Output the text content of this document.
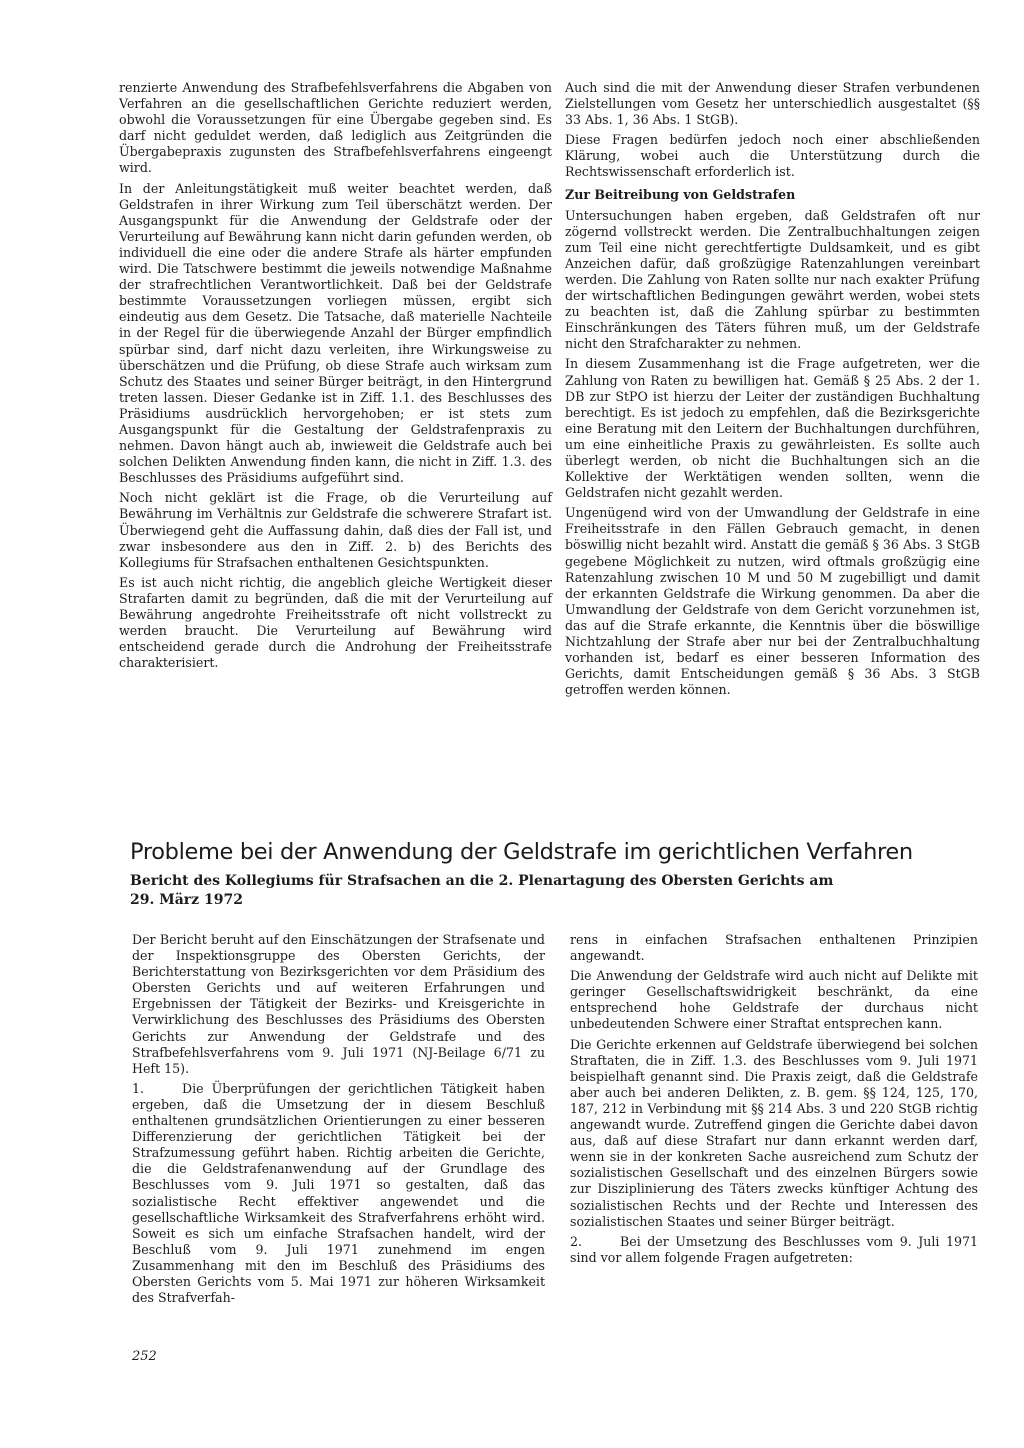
renzierte Anwendung des Strafbefehlsverfahrens die Abgaben von Verfahren an die gesellschaftlichen Gerichte reduziert werden, obwohl die Voraussetzungen für eine Übergabe gegeben sind. Es darf nicht geduldet werden, daß lediglich aus Zeitgründen die Übergabepraxis zugunsten des Strafbefehlsverfahrens eingeengt wird.

In der Anleitungstätigkeit muß weiter beachtet werden, daß Geldstrafen in ihrer Wirkung zum Teil überschätzt werden. Der Ausgangspunkt für die Anwendung der Geldstrafe oder der Verurteilung auf Bewährung kann nicht darin gefunden werden, ob individuell die eine oder die andere Strafe als härter empfunden wird. Die Tatschwere bestimmt die jeweils notwendige Maßnahme der strafrechtlichen Verantwortlichkeit. Daß bei der Geldstrafe bestimmte Voraussetzungen vorliegen müssen, ergibt sich eindeutig aus dem Gesetz. Die Tatsache, daß materielle Nachteile in der Regel für die überwiegende Anzahl der Bürger empfindlich spürbar sind, darf nicht dazu verleiten, ihre Wirkungsweise zu überschätzen und die Prüfung, ob diese Strafe auch wirksam zum Schutz des Staates und seiner Bürger beiträgt, in den Hintergrund treten lassen. Dieser Gedanke ist in Ziff. 1.1. des Beschlusses des Präsidiums ausdrücklich hervorgehoben; er ist stets zum Ausgangspunkt für die Gestaltung der Geldstrafenpraxis zu nehmen. Davon hängt auch ab, inwieweit die Geldstrafe auch bei solchen Delikten Anwendung finden kann, die nicht in Ziff. 1.3. des Beschlusses des Präsidiums aufgeführt sind.

Noch nicht geklärt ist die Frage, ob die Verurteilung auf Bewährung im Verhältnis zur Geldstrafe die schwerere Strafart ist. Überwiegend geht die Auffassung dahin, daß dies der Fall ist, und zwar insbesondere aus den in Ziff. 2. b) des Berichts des Kollegiums für Strafsachen enthaltenen Gesichtspunkten.

Es ist auch nicht richtig, die angeblich gleiche Wertigkeit dieser Strafarten damit zu begründen, daß die mit der Verurteilung auf Bewährung angedrohte Freiheitsstrafe oft nicht vollstreckt zu werden braucht. Die Verurteilung auf Bewährung wird entscheidend gerade durch die Androhung der Freiheitsstrafe charakterisiert.

Auch sind die mit der Anwendung dieser Strafen verbundenen Zielstellungen vom Gesetz her unterschiedlich ausgestaltet (§§ 33 Abs. 1, 36 Abs. 1 StGB).

Diese Fragen bedürfen jedoch noch einer abschließenden Klärung, wobei auch die Unterstützung durch die Rechtswissenschaft erforderlich ist.

Zur Beitreibung von Geldstrafen

Untersuchungen haben ergeben, daß Geldstrafen oft nur zögernd vollstreckt werden. Die Zentralbuchhaltungen zeigen zum Teil eine nicht gerechtfertigte Duldsamkeit, und es gibt Anzeichen dafür, daß großzügige Ratenzahlungen vereinbart werden. Die Zahlung von Raten sollte nur nach exakter Prüfung der wirtschaftlichen Bedingungen gewährt werden, wobei stets zu beachten ist, daß die Zahlung spürbar zu bestimmten Einschränkungen des Täters führen muß, um der Geldstrafe nicht den Strafcharakter zu nehmen.

In diesem Zusammenhang ist die Frage aufgetreten, wer die Zahlung von Raten zu bewilligen hat. Gemäß § 25 Abs. 2 der 1. DB zur StPO ist hierzu der Leiter der zuständigen Buchhaltung berechtigt. Es ist jedoch zu empfehlen, daß die Bezirksgerichte eine Beratung mit den Leitern der Buchhaltungen durchführen, um eine einheitliche Praxis zu gewährleisten. Es sollte auch überlegt werden, ob nicht die Buchhaltungen sich an die Kollektive der Werktätigen wenden sollten, wenn die Geldstrafen nicht gezahlt werden.

Ungenügend wird von der Umwandlung der Geldstrafe in eine Freiheitsstrafe in den Fällen Gebrauch gemacht, in denen böswillig nicht bezahlt wird. Anstatt die gemäß § 36 Abs. 3 StGB gegebene Möglichkeit zu nutzen, wird oftmals großzügig eine Ratenzahlung zwischen 10 M und 50 M zugebilligt und damit der erkannten Geldstrafe die Wirkung genommen. Da aber die Umwandlung der Geldstrafe von dem Gericht vorzunehmen ist, das auf die Strafe erkannte, die Kenntnis über die böswillige Nichtzahlung der Strafe aber nur bei der Zentralbuchhaltung vorhanden ist, bedarf es einer besseren Information des Gerichts, damit Entscheidungen gemäß § 36 Abs. 3 StGB getroffen werden können.

Probleme bei der Anwendung der Geldstrafe im gerichtlichen Verfahren
Bericht des Kollegiums für Strafsachen an die 2. Plenartagung des Obersten Gerichts am 29. März 1972

Der Bericht beruht auf den Einschätzungen der Strafsenate und der Inspektionsgruppe des Obersten Gerichts, der Berichterstattung von Bezirksgerichten vor dem Präsidium des Obersten Gerichts und auf weiteren Erfahrungen und Ergebnissen der Tätigkeit der Bezirks- und Kreisgerichte in Verwirklichung des Beschlusses des Präsidiums des Obersten Gerichts zur Anwendung der Geldstrafe und des Strafbefehlsverfahrens vom 9. Juli 1971 (NJ-Beilage 6/71 zu Heft 15).

1.	Die Überprüfungen der gerichtlichen Tätigkeit haben ergeben, daß die Umsetzung der in diesem Beschluß enthaltenen grundsätzlichen Orientierungen zu einer besseren Differenzierung der gerichtlichen Tätigkeit bei der Strafzumessung geführt haben. Richtig arbeiten die Gerichte, die die Geldstrafenanwendung auf der Grundlage des Beschlusses vom 9. Juli 1971 so gestalten, daß das sozialistische Recht effektiver angewendet und die gesellschaftliche Wirksamkeit des Strafverfahrens erhöht wird. Soweit es sich um einfache Strafsachen handelt, wird der Beschluß vom 9. Juli 1971 zunehmend im engen Zusammenhang mit den im Beschluß des Präsidiums des Obersten Gerichts vom 5. Mai 1971 zur höheren Wirksamkeit des Strafverfah-

rens in einfachen Strafsachen enthaltenen Prinzipien angewandt.

Die Anwendung der Geldstrafe wird auch nicht auf Delikte mit geringer Gesellschaftswidrigkeit beschränkt, da eine entsprechend hohe Geldstrafe der durchaus nicht unbedeutenden Schwere einer Straftat entsprechen kann.

Die Gerichte erkennen auf Geldstrafe überwiegend bei solchen Straftaten, die in Ziff. 1.3. des Beschlusses vom 9. Juli 1971 beispielhaft genannt sind. Die Praxis zeigt, daß die Geldstrafe aber auch bei anderen Delikten, z. B. gem. §§ 124, 125, 170, 187, 212 in Verbindung mit §§ 214 Abs. 3 und 220 StGB richtig angewandt wurde. Zutreffend gingen die Gerichte dabei davon aus, daß auf diese Strafart nur dann erkannt werden darf, wenn sie in der konkreten Sache ausreichend zum Schutz der sozialistischen Gesellschaft und des einzelnen Bürgers sowie zur Disziplinierung des Täters zwecks künftiger Achtung des sozialistischen Rechts und der Rechte und Interessen des sozialistischen Staates und seiner Bürger beiträgt.

2.	Bei der Umsetzung des Beschlusses vom 9. Juli 1971 sind vor allem folgende Fragen aufgetreten:

252
